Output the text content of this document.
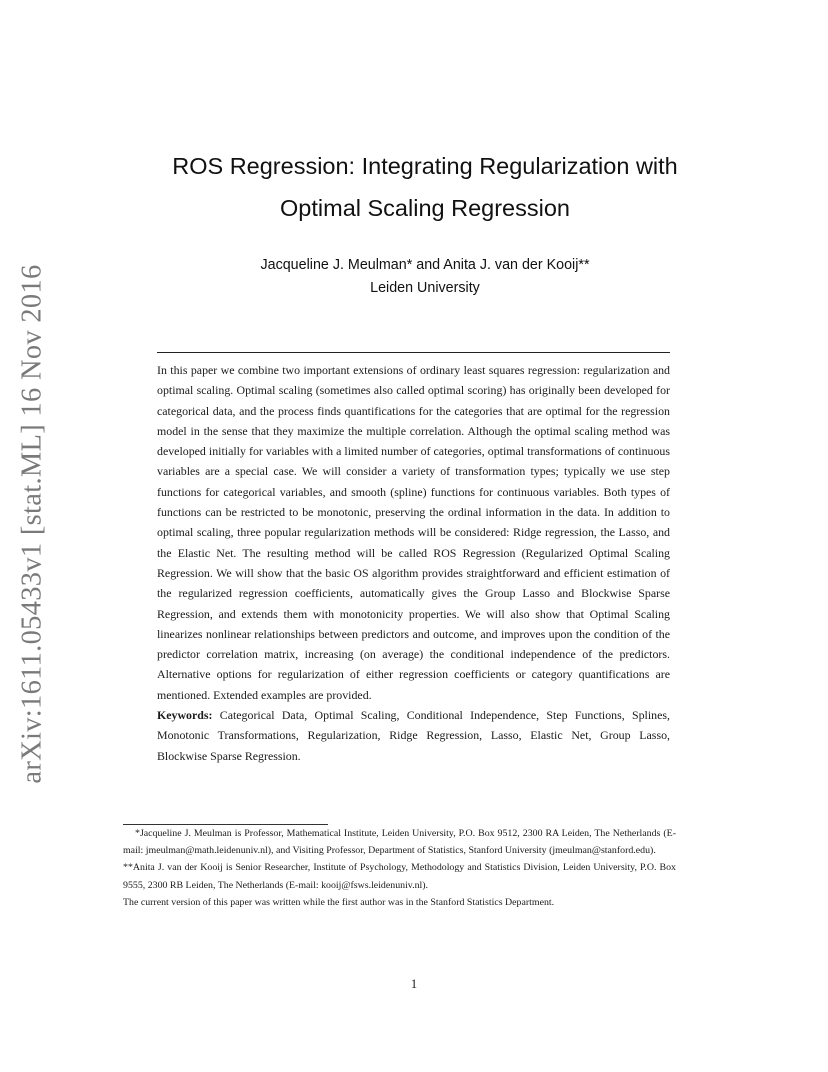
arXiv:1611.05433v1 [stat.ML] 16 Nov 2016
ROS Regression: Integrating Regularization with
Optimal Scaling Regression
Jacqueline J. Meulman* and Anita J. van der Kooij**
Leiden University

In this paper we combine two important extensions of ordinary least squares regression: regularization and optimal scaling. Optimal scaling (sometimes also called optimal scoring) has originally been developed for categorical data, and the process finds quantifications for the categories that are optimal for the regression model in the sense that they maximize the multiple correlation. Although the optimal scaling method was developed initially for variables with a limited number of categories, optimal transformations of continuous variables are a special case. We will consider a variety of transformation types; typically we use step functions for categorical variables, and smooth (spline) functions for continuous variables. Both types of functions can be restricted to be monotonic, preserving the ordinal information in the data. In addition to optimal scaling, three popular regularization methods will be considered: Ridge regression, the Lasso, and the Elastic Net. The resulting method will be called ROS Regression (Regularized Optimal Scaling Regression. We will show that the basic OS algorithm provides straightforward and efficient estimation of the regularized regression coefficients, automatically gives the Group Lasso and Blockwise Sparse Regression, and extends them with monotonicity properties. We will also show that Optimal Scaling linearizes nonlinear relationships between predictors and outcome, and improves upon the condition of the predictor correlation matrix, increasing (on average) the conditional independence of the predictors. Alternative options for regularization of either regression coefficients or category quantifications are mentioned. Extended examples are provided.

Keywords: Categorical Data, Optimal Scaling, Conditional Independence, Step Functions, Splines, Monotonic Transformations, Regularization, Ridge Regression, Lasso, Elastic Net, Group Lasso, Blockwise Sparse Regression.

*Jacqueline J. Meulman is Professor, Mathematical Institute, Leiden University, P.O. Box 9512, 2300 RA Leiden, The Netherlands (E-mail: jmeulman@math.leidenuniv.nl), and Visiting Professor, Department of Statistics, Stanford University (jmeulman@stanford.edu).

**Anita J. van der Kooij is Senior Researcher, Institute of Psychology, Methodology and Statistics Division, Leiden University, P.O. Box 9555, 2300 RB Leiden, The Netherlands (E-mail: kooij@fsws.leidenuniv.nl).

The current version of this paper was written while the first author was in the Stanford Statistics Department.

1
